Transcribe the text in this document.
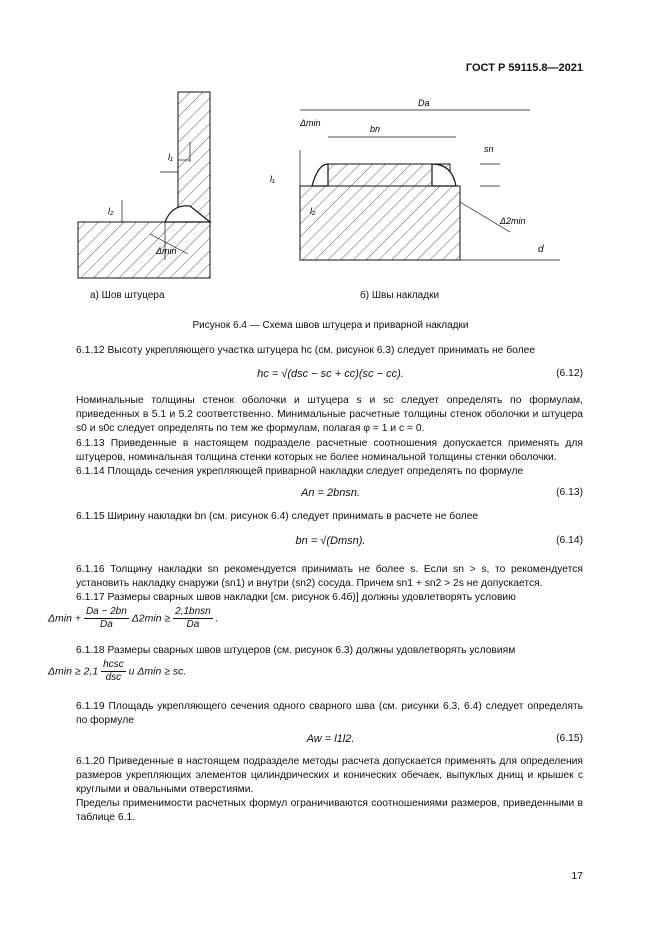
ГОСТ Р 59115.8—2021
l₁
l₂
Δmin
Da
bn
sn
Δmin
l₁
l₂
Δ2min
d
а) Шов штуцера	б) Швы накладки
Рисунок 6.4 — Схема швов штуцера и приварной накладки
6.1.12 Высоту укрепляющего участка штуцера hc (см. рисунок 6.3) следует принимать не более
hc = √(dsc − sc + cc)(sc − cc).	(6.12)
Номинальные толщины стенок оболочки и штуцера s и sc следует определять по формулам, приведенных в 5.1 и 5.2 соответственно. Минимальные расчетные толщины стенок оболочки и штуцера s0 и s0c следует определять по тем же формулам, полагая φ = 1 и c = 0.
6.1.13 Приведенные в настоящем подразделе расчетные соотношения допускается применять для штуцеров, номинальная толщина стенки которых не более номинальной толщины стенки оболочки.
6.1.14 Площадь сечения укрепляющей приварной накладки следует определять по формуле
An = 2bnsn.	(6.13)
6.1.15 Ширину накладки bn (см. рисунок 6.4) следует принимать в расчете не более
bn = √(Dmsn).	(6.14)
6.1.16 Толщину накладки sn рекомендуется принимать не более s. Если sn > s, то рекомендуется установить накладку снаружи (sn1) и внутри (sn2) сосуда. Причем sn1 + sn2 > 2s не допускается.
6.1.17 Размеры сварных швов накладки [см. рисунок 6.4б)] должны удовлетворять условию
$\Delta\min + \frac{Da - 2bn}{Da} \Delta 2\min \ge \frac{\text{2,1bnsn}}{Da}$ .
6.1.18 Размеры сварных швов штуцеров (см. рисунок 6.3) должны удовлетворять условиям
$\Delta\min \ge 2,1 \frac{hcsc}{\text{dsc}}$ и Δmin ≥ sc.
6.1.19 Площадь укрепляющего сечения одного сварного шва (см. рисунки 6.3, 6.4) следует определять по формуле
Aw = l1l2.	(6.15)
6.1.20 Приведенные в настоящем подразделе методы расчета допускается применять для определения размеров укрепляющих элементов цилиндрических и конических обечаек, выпуклых днищ и крышек с круглыми и овальными отверстиями.
Пределы применимости расчетных формул ограничиваются соотношениями размеров, приведенными в таблице 6.1.
17
